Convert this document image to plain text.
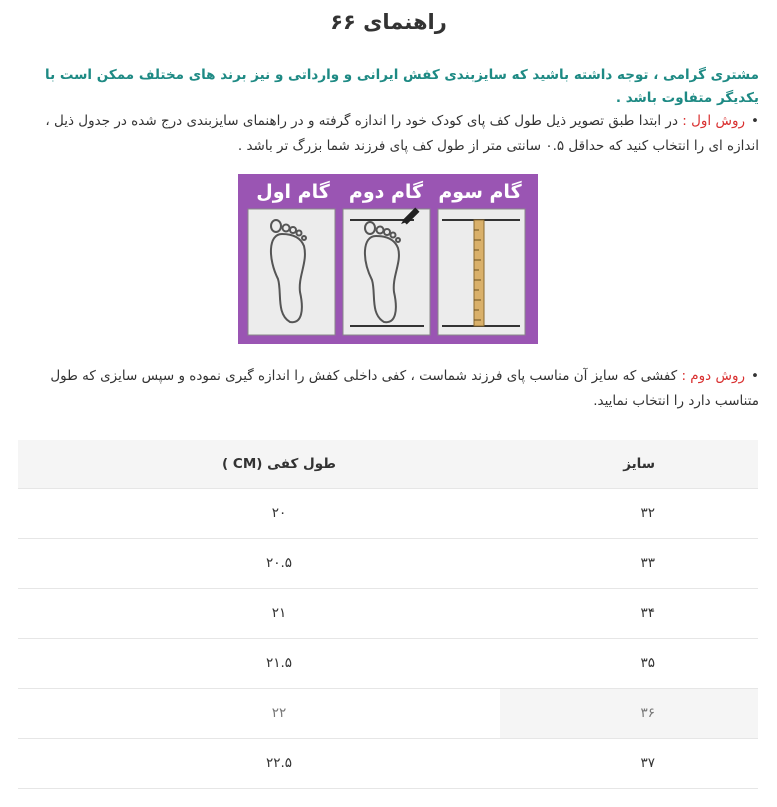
راهنمای ۶۶

مشتری گرامی ، توجه داشته باشید که سایزبندی کفش ایرانی و وارداتی و نیز برند های مختلف ممکن است با یکدیگر متفاوت باشد .

•روش اول : در ابتدا طبق تصویر ذیل طول کف پای کودک خود را اندازه گرفته و در راهنمای سایزبندی درج شده در جدول ذیل ، اندازه ای را انتخاب کنید که حداقل ۰.۵ سانتی متر از طول کف پای فرزند شما بزرگ تر باشد .

گام اول گام دوم گام سوم

•روش دوم : کفشی که سایز آن مناسب پای فرزند شماست ، کفی داخلی کفش را اندازه گیری نموده و سپس سایزی که طول متناسب دارد را انتخاب نمایید.

سایز	طول کفی (CM )
۳۲	۲۰
۳۳	۲۰.۵
۳۴	۲۱
۳۵	۲۱.۵
۳۶	۲۲
۳۷	۲۲.۵
